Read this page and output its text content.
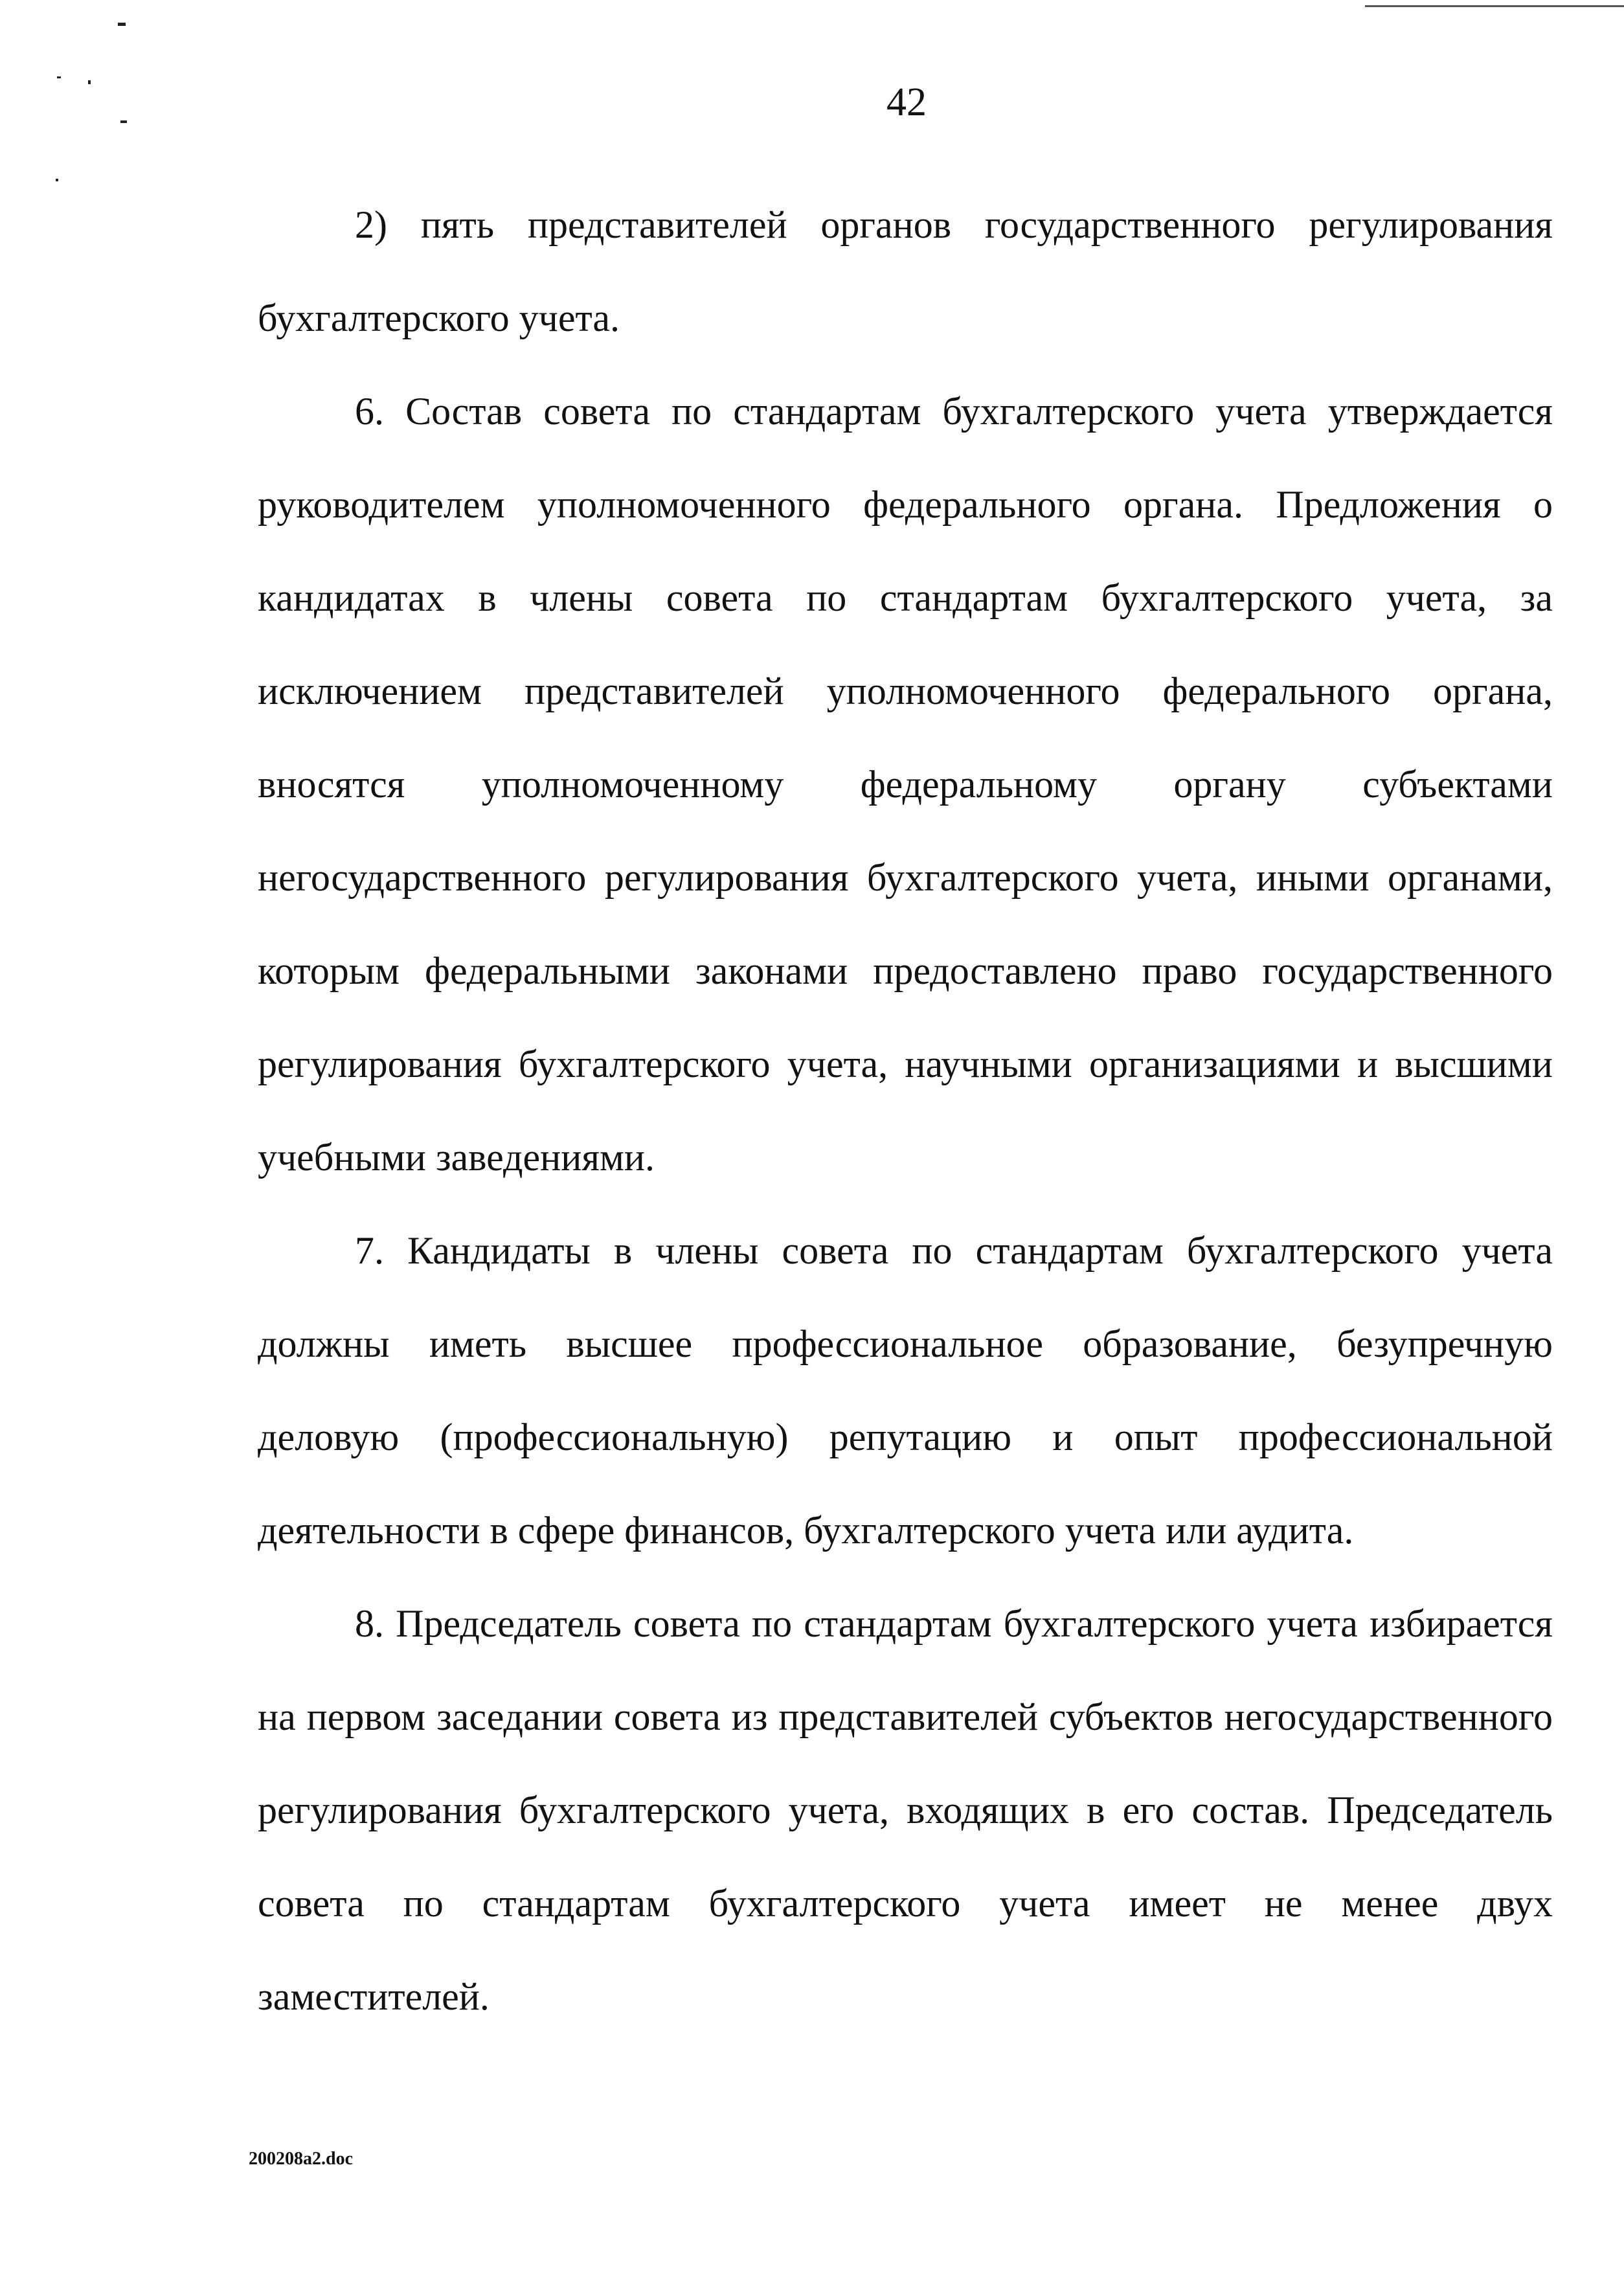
42

2) пять представителей органов государственного регулирования бухгалтерского учета.

6. Состав совета по стандартам бухгалтерского учета утверждается руководителем уполномоченного федерального органа. Предложения о кандидатах в члены совета по стандартам бухгалтерского учета, за исключением представителей уполномоченного федерального органа, вносятся уполномоченному федеральному органу субъектами негосударственного регулирования бухгалтерского учета, иными органами, которым федеральными законами предоставлено право государственного регулирования бухгалтерского учета, научными организациями и высшими учебными заведениями.

7. Кандидаты в члены совета по стандартам бухгалтерского учета должны иметь высшее профессиональное образование, безупречную деловую (профессиональную) репутацию и опыт профессиональной деятельности в сфере финансов, бухгалтерского учета или аудита.

8. Председатель совета по стандартам бухгалтерского учета избирается на первом заседании совета из представителей субъектов негосударственного регулирования бухгалтерского учета, входящих в его состав. Председатель совета по стандартам бухгалтерского учета имеет не менее двух заместителей.

200208a2.doc
